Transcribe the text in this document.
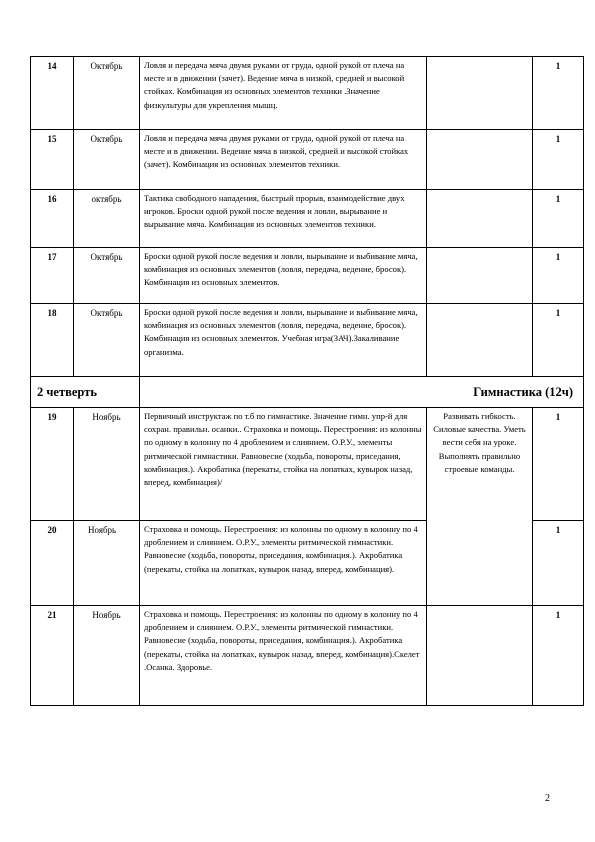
14	Октябрь	Ловля и передача мяча двумя руками от груда, одной рукой от плеча на месте и в движении (зачет). Ведение мяча в низкой, средней и высокой стойках. Комбинация из основных элементов техники .Значение физкультуры для укрепления мышц.		1
15	Октябрь	Ловля и передача мяча двумя руками от груда, одной рукой от плеча на месте и в движении. Ведение мяча в низкой, средней и высокой стойках (зачет). Комбинация из основных элементов техники.		1
16	октябрь	Тактика свободного нападения, быстрый прорыв, взаимодействие двух игроков. Броски одной рукой после ведения и ловли, вырывание и вырывание мяча. Комбинация из основных элементов техники.		1
17	Октябрь	Броски одной рукой после ведения и ловли, вырывание и выбивание мяча, комбинация из основных элементов (ловля, передача, ведение, бросок). Комбинация из основных элементов.		1
18	Октябрь	Броски одной рукой после ведения и ловли, вырывание и выбивание мяча, комбинация из основных элементов (ловля, передача, ведение, бросок). Комбинация из основных элементов. Учебная игра(ЗАЧ).Закаливание организма.		1
2 четверть		Гимнастика (12ч)		
19	Ноябрь	Первичный инструктаж по т.б по гимнастике. Значение гимн. упр-й для сохран. правильн. осанки.. Страховка и помощь. Перестроения: из колонны по одному в колонну по 4 дроблением и слиянием. О.Р.У., элементы ритмической гимнастики. Равновесие (ходьба, повороты, приседания, комбинация.). Акробатика (перекаты, стойка на лопатках, кувырок назад, вперед, комбинация)/	Развивать гибкость. Силовые качества. Уметь вести себя на уроке. Выполнять правильно строевые команды.	1
20	Ноябрь	Страховка и помощь. Перестроения: из колонны по одному в колонну по 4 дроблением и слиянием. О.Р.У., элементы ритмической гимнастики. Равновесие (ходьба, повороты, приседания, комбинация.). Акробатика (перекаты, стойка на лопатках, кувырок назад, вперед, комбинация).		1
21	Ноябрь	Страховка и помощь. Перестроения: из колонны по одному в колонну по 4 дроблением и слиянием. О.Р.У., элементы ритмической гимнастики. Равновесие (ходьба, повороты, приседания, комбинация.). Акробатика (перекаты, стойка на лопатках, кувырок назад, вперед, комбинация).Скелет .Осанка. Здоровье.		1
2
